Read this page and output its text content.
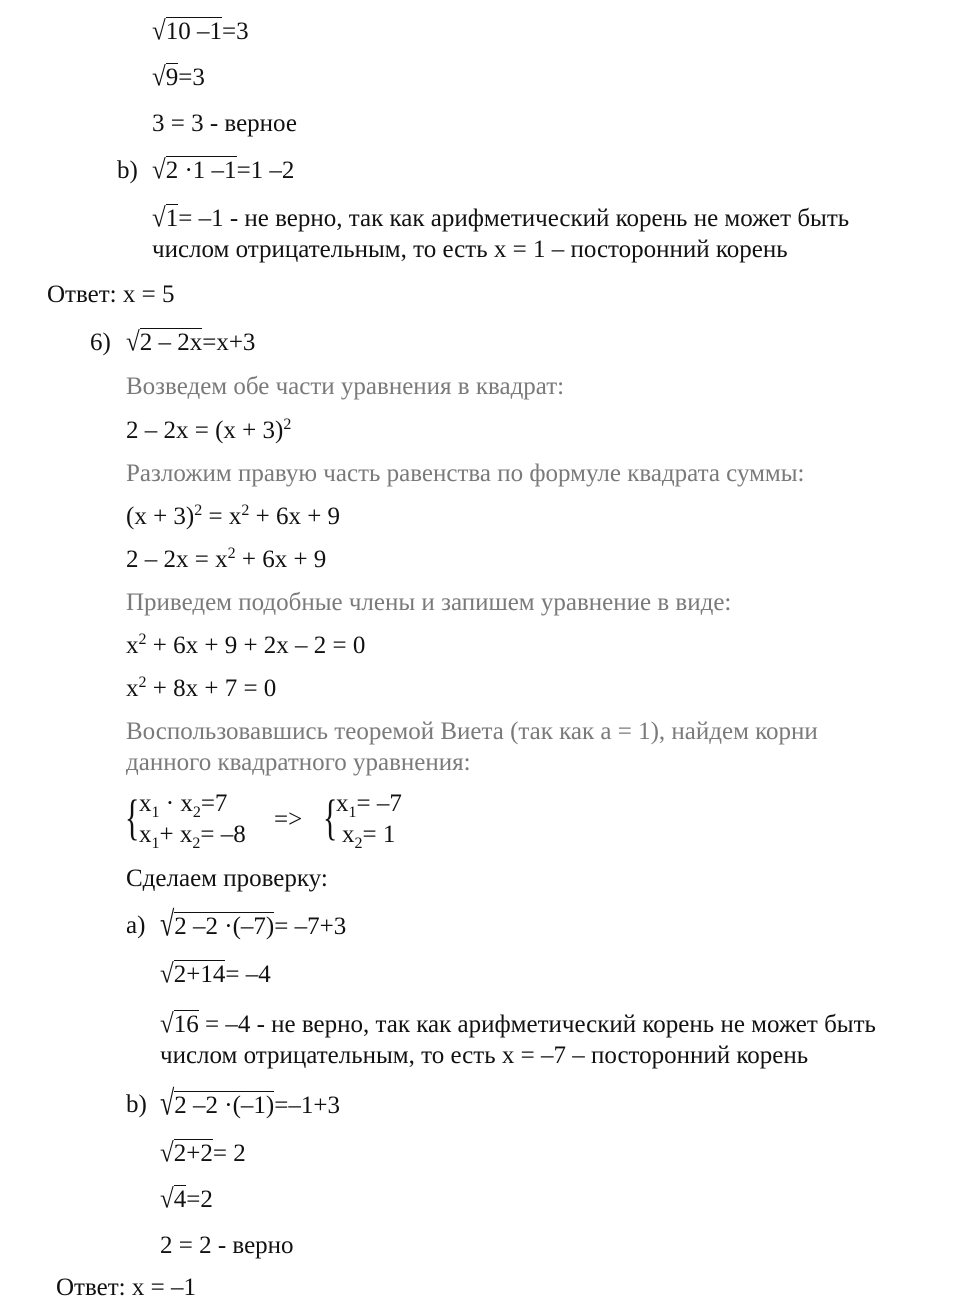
√10 –1=3
√9=3
3 = 3 - верное
b) √2 ·1 –1=1 –2
√1= –1 - не верно, так как арифметический корень не может быть
числом отрицательным, то есть x = 1 – посторонний корень
Ответ: x = 5
6) √2 – 2x=x+3
Возведем обе части уравнения в квадрат:
$2 - 2x = (x + 3)^2$
Разложим правую часть равенства по формуле квадрата суммы:
$(x + 3)^2 = x^2 + 6x + 9$
$2 - 2x = x^2 + 6x + 9$
Приведем подобные члены и запишем уравнение в виде:
$x^2 + 6x + 9 + 2x - 2 = 0$
$x^2 + 8x + 7 = 0$
Воспользовавшись теоремой Виета (так как a = 1), найдем корни
данного квадратного уравнения:
{ $x_1 \cdot x_2=7$
$x_1+ x_2= -8$
=> {
$x_1= -7$
$x_2= 1$
Сделаем проверку:
a) √2 –2 ·(–7)= –7+3
√2+14= –4
√16 = –4 - не верно, так как арифметический корень не может быть
числом отрицательным, то есть x = –7 – посторонний корень
b) √2 –2 ·(–1)=–1+3
√2+2= 2
√4=2
2 = 2 - верно
Ответ: x = –1
